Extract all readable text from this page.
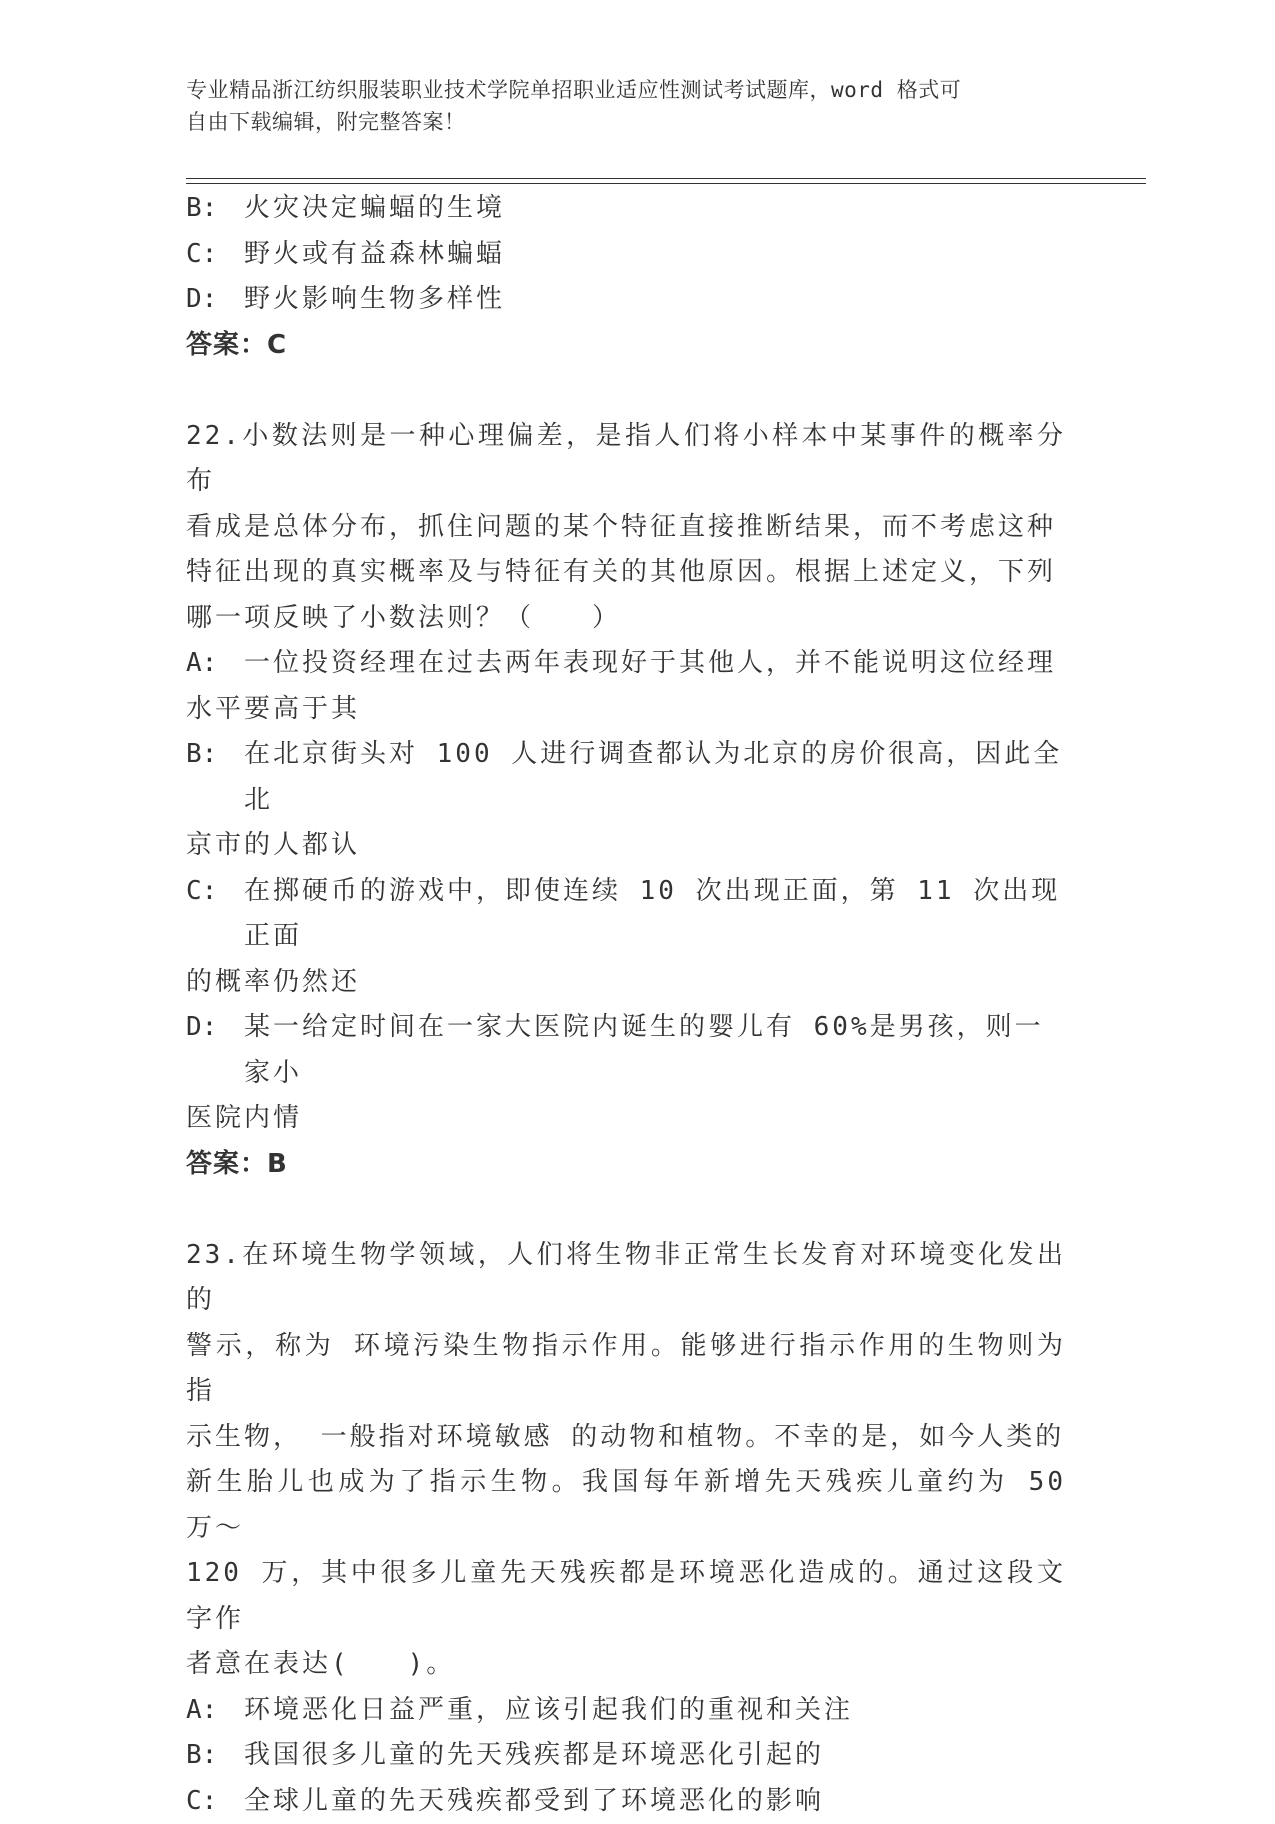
专业精品浙江纺织服装职业技术学院单招职业适应性测试考试题库，word 格式可
自由下载编辑，附完整答案！
B:	火灾决定蝙蝠的生境
C:	野火或有益森林蝙蝠
D:	野火影响生物多样性
答案：C
22.小数法则是一种心理偏差，是指人们将小样本中某事件的概率分布
看成是总体分布，抓住问题的某个特征直接推断结果，而不考虑这种
特征出现的真实概率及与特征有关的其他原因。根据上述定义，下列
哪一项反映了小数法则？（　　）
A:	一位投资经理在过去两年表现好于其他人，并不能说明这位经理
水平要高于其
B:	在北京街头对 100 人进行调查都认为北京的房价很高，因此全北
京市的人都认
C:	在掷硬币的游戏中，即使连续 10 次出现正面，第 11 次出现正面
的概率仍然还
D:	某一给定时间在一家大医院内诞生的婴儿有 60%是男孩，则一家小
医院内情
答案：B
23.在环境生物学领域，人们将生物非正常生长发育对环境变化发出的
警示，称为 环境污染生物指示作用。能够进行指示作用的生物则为指
示生物， 一般指对环境敏感 的动物和植物。不幸的是，如今人类的
新生胎儿也成为了指示生物。我国每年新增先天残疾儿童约为 50 万～
120 万，其中很多儿童先天残疾都是环境恶化造成的。通过这段文字作
者意在表达(　　)。
A:	环境恶化日益严重，应该引起我们的重视和关注
B:	我国很多儿童的先天残疾都是环境恶化引起的
C:	全球儿童的先天残疾都受到了环境恶化的影响
